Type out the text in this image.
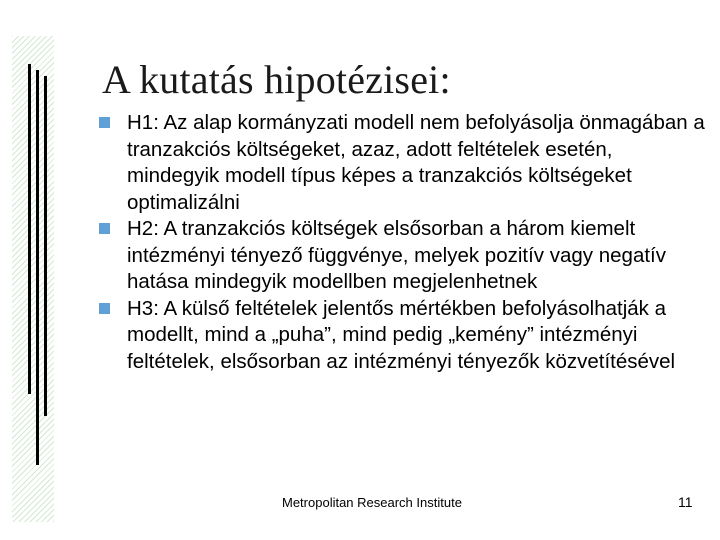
A kutatás hipotézisei:
H1: Az alap kormányzati modell nem befolyásolja önmagában a tranzakciós költségeket, azaz, adott feltételek esetén, mindegyik modell típus képes a tranzakciós költségeket optimalizálni
H2: A tranzakciós költségek elsősorban a három kiemelt intézményi tényező függvénye, melyek pozitív vagy negatív hatása mindegyik modellben megjelenhetnek
H3: A külső feltételek jelentős mértékben befolyásolhatják a modellt, mind a „puha”, mind pedig „kemény” intézményi feltételek, elsősorban az intézményi tényezők közvetítésével
Metropolitan Research Institute	11
